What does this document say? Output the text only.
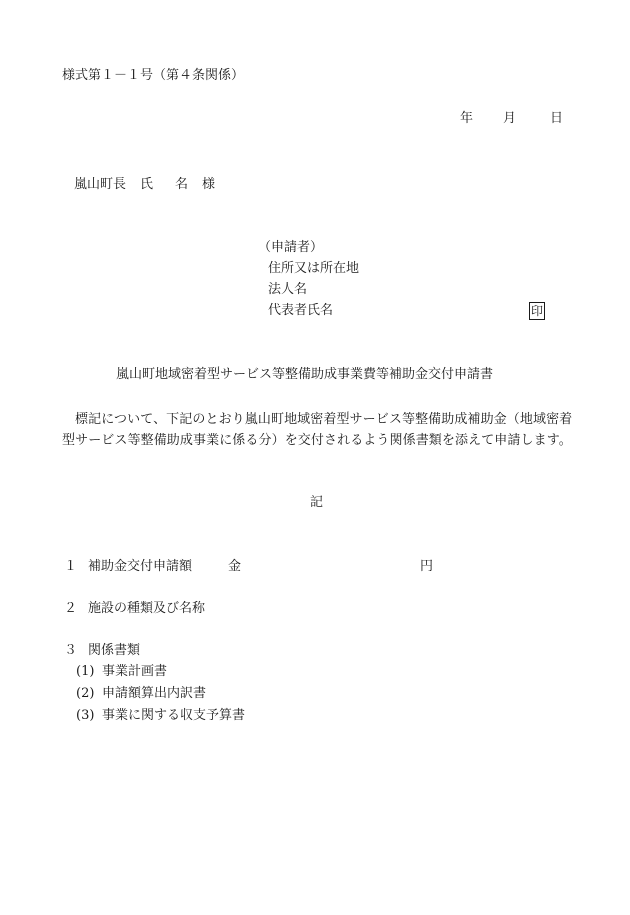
様式第１－１号（第４条関係）
年 月	日
嵐山町長 氏 名 様
（申請者）
住所又は所在地
法人名
代表者氏名	印
嵐山町地域密着型サービス等整備助成事業費等補助金交付申請書
標記について、下記のとおり嵐山町地域密着型サービス等整備助成補助金（地域密着型サービス等整備助成事業に係る分）を交付されるよう関係書類を添えて申請します。
記
１ 補助金交付申請額	金	円
２ 施設の種類及び名称
３ 関係書類
(1) 事業計画書
(2) 申請額算出内訳書
(3) 事業に関する収支予算書
